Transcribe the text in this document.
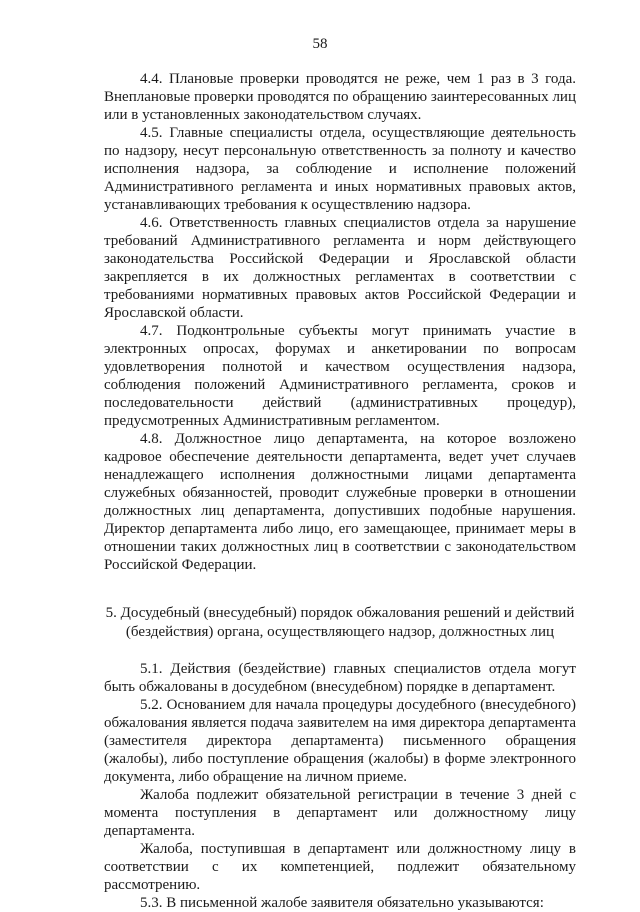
58

4.4. Плановые проверки проводятся не реже, чем 1 раз в 3 года. Внеплановые проверки проводятся по обращению заинтересованных лиц или в установленных законодательством случаях.

4.5. Главные специалисты отдела, осуществляющие деятельность по надзору, несут персональную ответственность за полноту и качество исполнения надзора, за соблюдение и исполнение положений Административного регламента и иных нормативных правовых актов, устанавливающих требования к осуществлению надзора.

4.6. Ответственность главных специалистов отдела за нарушение требований Административного регламента и норм действующего законодательства Российской Федерации и Ярославской области закрепляется в их должностных регламентах в соответствии с требованиями нормативных правовых актов Российской Федерации и Ярославской области.

4.7. Подконтрольные субъекты могут принимать участие в электронных опросах, форумах и анкетировании по вопросам удовлетворения полнотой и качеством осуществления надзора, соблюдения положений Административного регламента, сроков и последовательности действий (административных процедур), предусмотренных Административным регламентом.

4.8. Должностное лицо департамента, на которое возложено кадровое обеспечение деятельности департамента, ведет учет случаев ненадлежащего исполнения должностными лицами департамента служебных обязанностей, проводит служебные проверки в отношении должностных лиц департамента, допустивших подобные нарушения. Директор департамента либо лицо, его замещающее, принимает меры в отношении таких должностных лиц в соответствии с законодательством Российской Федерации.

5. Досудебный (внесудебный) порядок обжалования решений и действий (бездействия) органа, осуществляющего надзор, должностных лиц

5.1. Действия (бездействие) главных специалистов отдела могут быть обжалованы в досудебном (внесудебном) порядке в департамент.

5.2. Основанием для начала процедуры досудебного (внесудебного) обжалования является подача заявителем на имя директора департамента (заместителя директора департамента) письменного обращения (жалобы), либо поступление обращения (жалобы) в форме электронного документа, либо обращение на личном приеме.

Жалоба подлежит обязательной регистрации в течение 3 дней с момента поступления в департамент или должностному лицу департамента.

Жалоба, поступившая в департамент или должностному лицу в соответствии с их компетенцией, подлежит обязательному рассмотрению.

5.3. В письменной жалобе заявителя обязательно указываются:
